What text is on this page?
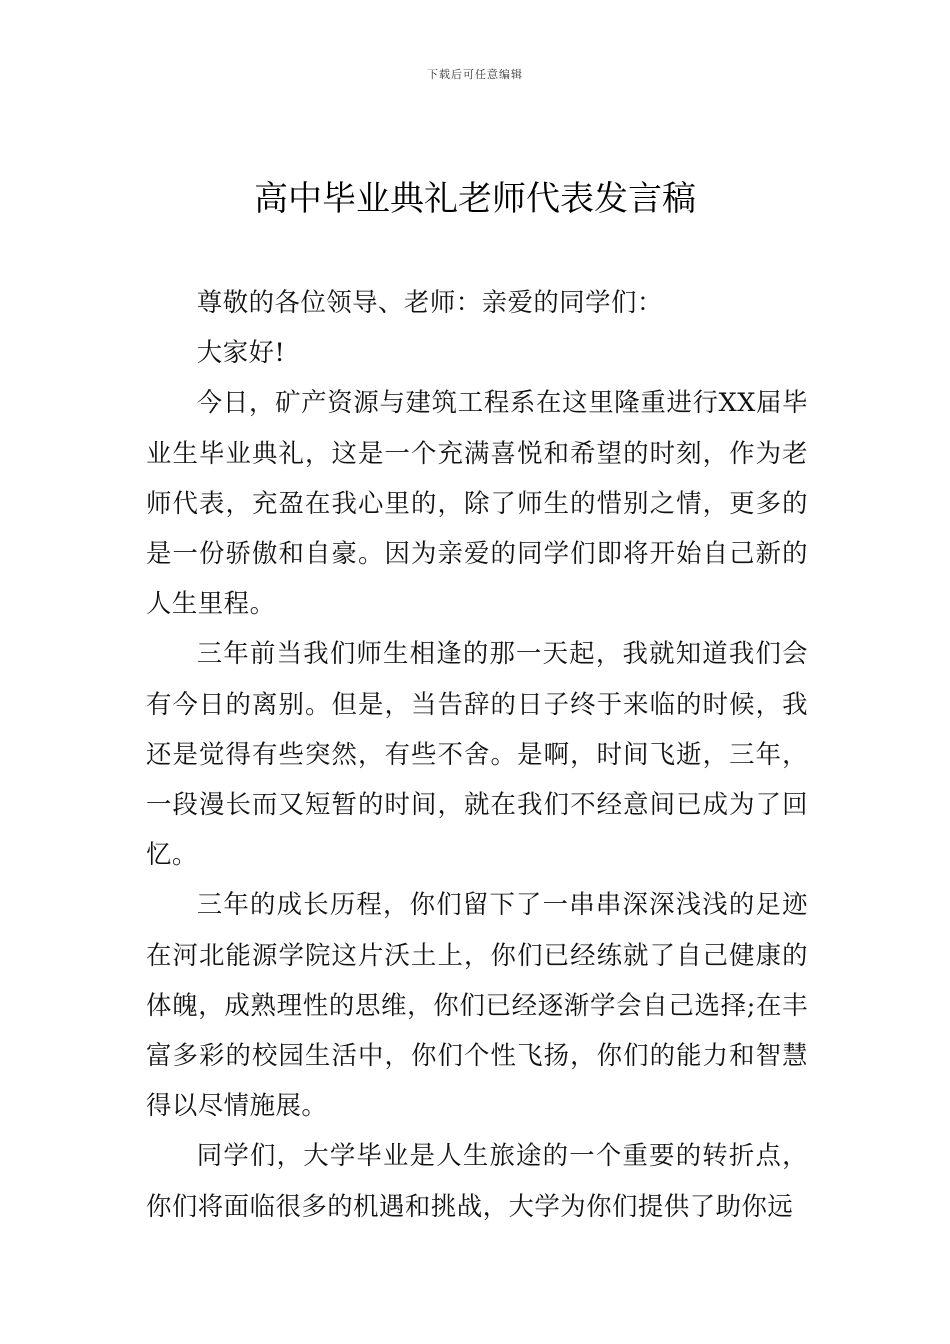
下载后可任意编辑
高中毕业典礼老师代表发言稿

尊敬的各位领导、老师：亲爱的同学们：

大家好!

今日，矿产资源与建筑工程系在这里隆重进行XX届毕业生毕业典礼，这是一个充满喜悦和希望的时刻，作为老师代表，充盈在我心里的，除了师生的惜别之情，更多的是一份骄傲和自豪。因为亲爱的同学们即将开始自己新的人生里程。

三年前当我们师生相逢的那一天起，我就知道我们会有今日的离别。但是，当告辞的日子终于来临的时候，我还是觉得有些突然，有些不舍。是啊，时间飞逝，三年，一段漫长而又短暂的时间，就在我们不经意间已成为了回忆。

三年的成长历程，你们留下了一串串深深浅浅的足迹在河北能源学院这片沃土上，你们已经练就了自己健康的体魄，成熟理性的思维，你们已经逐渐学会自己选择;在丰富多彩的校园生活中，你们个性飞扬，你们的能力和智慧得以尽情施展。

同学们，大学毕业是人生旅途的一个重要的转折点，你们将面临很多的机遇和挑战，大学为你们提供了助你远
